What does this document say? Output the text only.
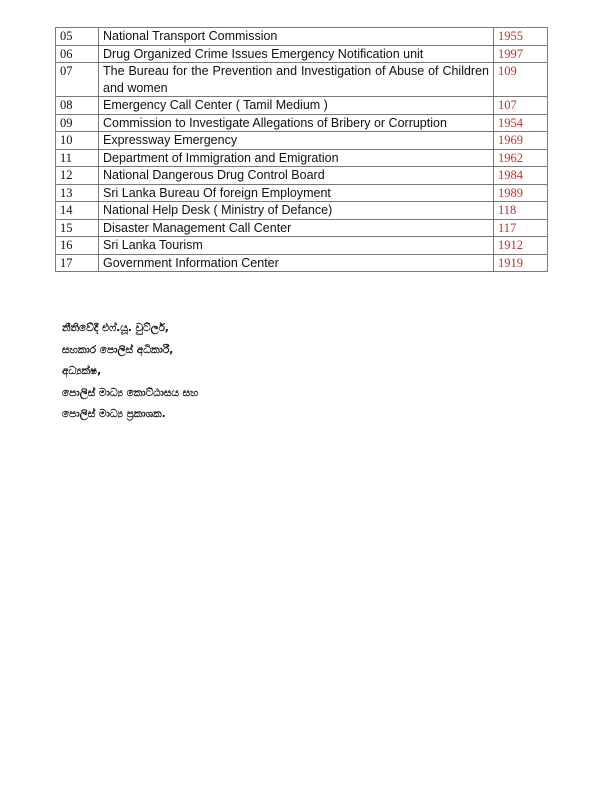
05	National Transport Commission	1955
06	Drug Organized Crime Issues Emergency Notification unit	1997
07	The Bureau for the Prevention and Investigation of Abuse of Children and women	109
08	Emergency Call Center ( Tamil Medium )	107
09	Commission to Investigate Allegations of Bribery or Corruption	1954
10	Expressway Emergency	1969
11	Department of Immigration and Emigration	1962
12	National Dangerous Drug Control Board	1984
13	Sri Lanka Bureau Of foreign Employment	1989
14	National Help Desk ( Ministry of Defance)	118
15	Disaster Management Call Center	117
16	Sri Lanka Tourism	1912
17	Government Information Center	1919
නීතිවේදී එෆ්.යූ. වුට්ලර්,
සහකාර පොලිස් අධිකාරී,
අධ්‍යක්ෂ,
පොලිස් මාධ්‍ය කොට්ඨාසය සහ
පොලිස් මාධ්‍ය ප්‍රකාශක.
